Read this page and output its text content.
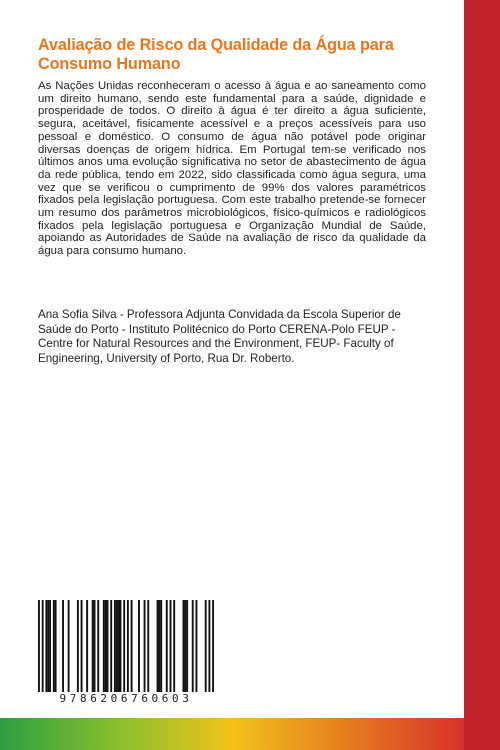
Avaliação de Risco da Qualidade da Água para Consumo Humano

As Nações Unidas reconheceram o acesso à água e ao saneamento como um direito humano, sendo este fundamental para a saúde, dignidade e prosperidade de todos. O direito à água é ter direito a água suficiente, segura, aceitável, fisicamente acessível e a preços acessíveis para uso pessoal e doméstico. O consumo de água não potável pode originar diversas doenças de origem hídrica. Em Portugal tem-se verificado nos últimos anos uma evolução significativa no setor de abastecimento de água da rede pública, tendo em 2022, sido classificada como água segura, uma vez que se verificou o cumprimento de 99% dos valores paramétricos fixados pela legislação portuguesa. Com este trabalho pretende-se fornecer um resumo dos parâmetros microbiológicos, físico-químicos e radiológicos fixados pela legislação portuguesa e Organização Mundial de Saúde, apoiando as Autoridades de Saúde na avaliação de risco da qualidade da água para consumo humano.

Ana Sofia Silva - Professora Adjunta Convidada da Escola Superior de Saúde do Porto - Instituto Politécnico do Porto CERENA-Polo FEUP - Centre for Natural Resources and the Environment, FEUP- Faculty of Engineering, University of Porto, Rua Dr. Roberto.

9786206760603
